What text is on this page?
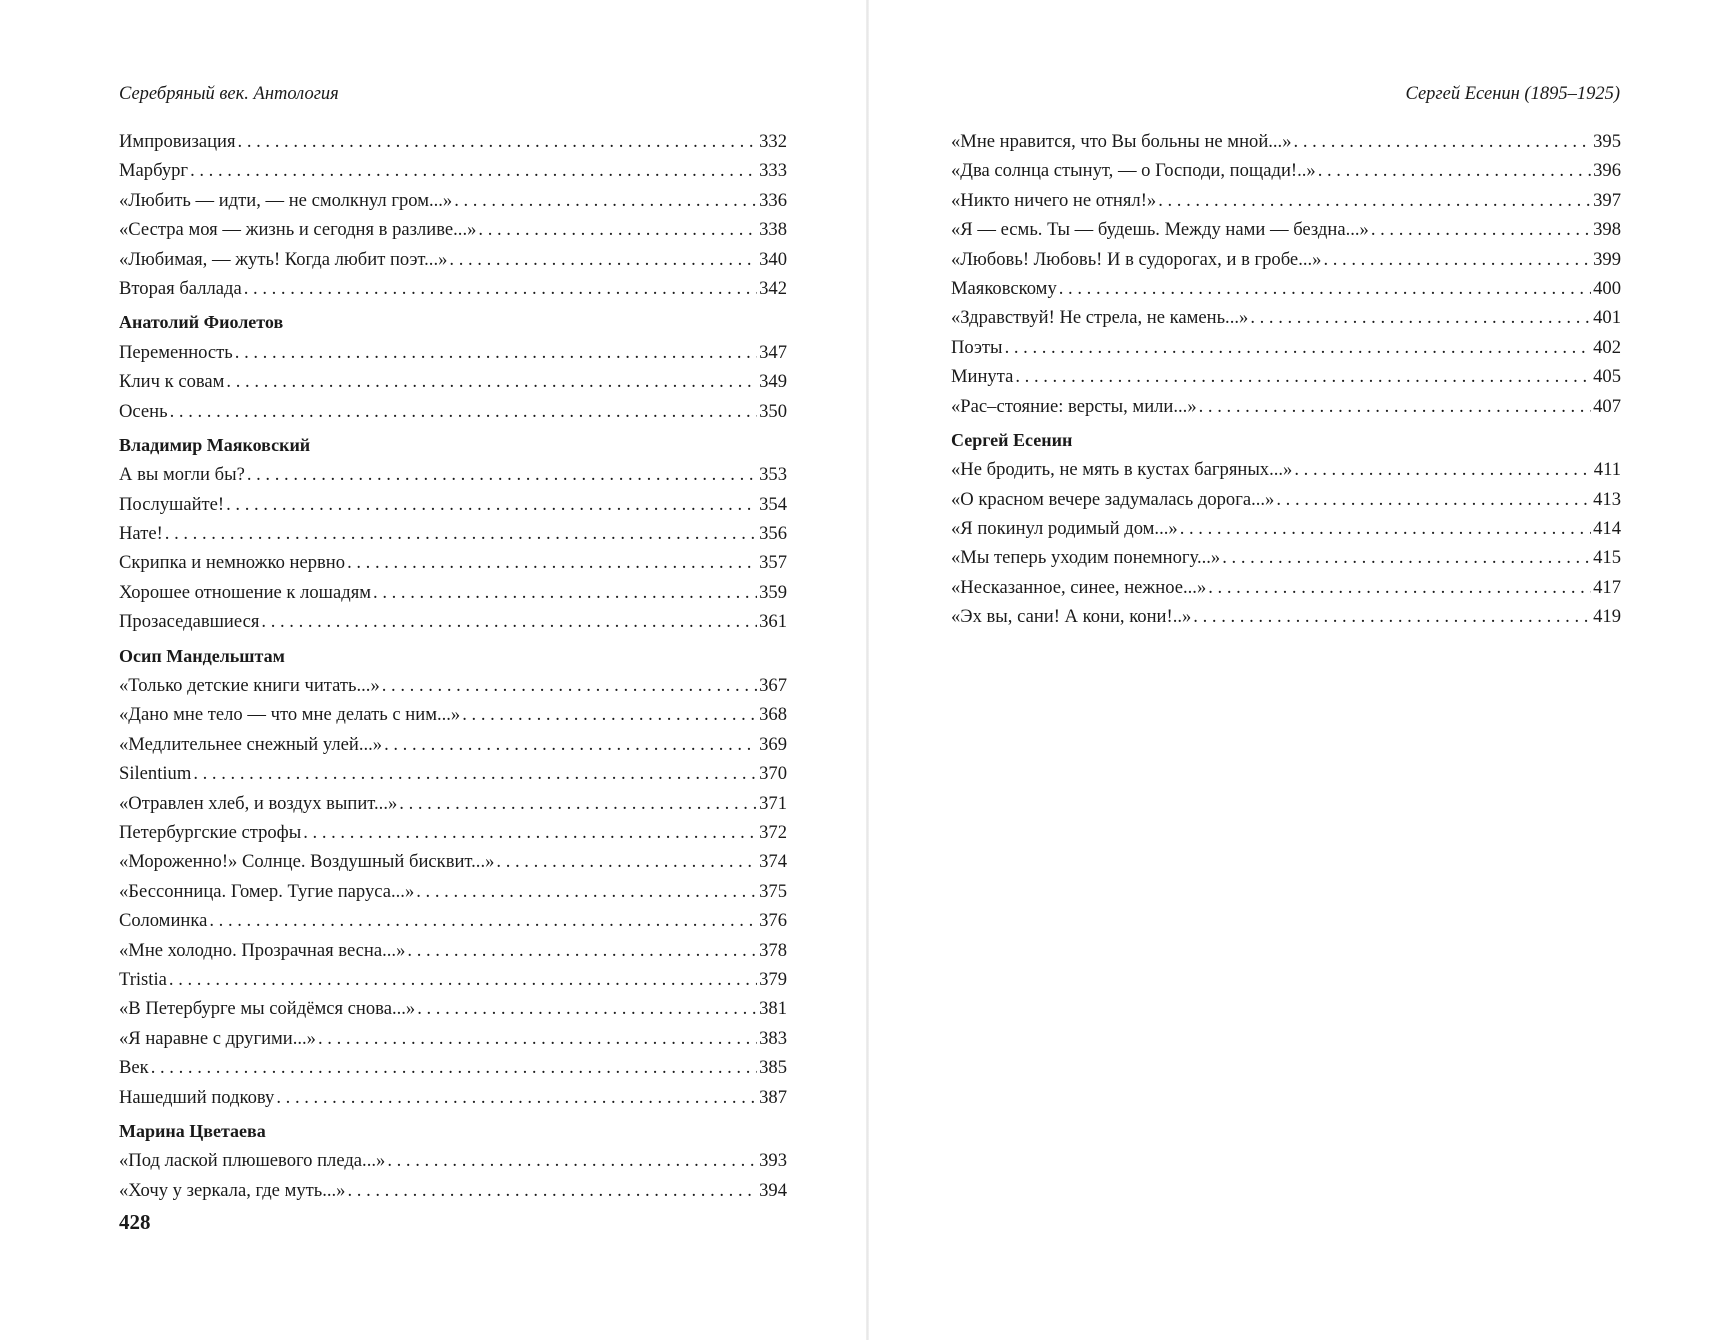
Серебряный век. Антология
Импровизация . . .	332
Марбург . . .	333
«Любить — идти, — не смолкнул гром...» . . .	336
«Сестра моя — жизнь и сегодня в разливе...» . . .	338
«Любимая, — жуть! Когда любит поэт...» . . .	340
Вторая баллада . . .	342
Анатолий Фиолетов
Переменность . . .	347
Клич к совам . . .	349
Осень . . .	350
Владимир Маяковский
А вы могли бы? . . .	353
Послушайте! . . .	354
Нате! . . .	356
Скрипка и немножко нервно . . .	357
Хорошее отношение к лошадям . . .	359
Прозаседавшиеся . . .	361
Осип Мандельштам
«Только детские книги читать...» . . .	367
«Дано мне тело — что мне делать с ним...» . . .	368
«Медлительнее снежный улей...» . . .	369
Silentium . . .	370
«Отравлен хлеб, и воздух выпит...» . . .	371
Петербургские строфы . . .	372
«Мороженно!» Солнце. Воздушный бисквит...» . . .	374
«Бессонница. Гомер. Тугие паруса...» . . .	375
Соломинка . . .	376
«Мне холодно. Прозрачная весна...» . . .	378
Tristia . . .	379
«В Петербурге мы сойдёмся снова...» . . .	381
«Я наравне с другими...» . . .	383
Век . . .	385
Нашедший подкову . . .	387
Марина Цветаева
«Под лаской плюшевого пледа...» . . .	393
«Хочу у зеркала, где муть...» . . .	394
428
Сергей Есенин (1895–1925)
«Мне нравится, что Вы больны не мной...» . . .	395
«Два солнца стынут, — о Господи, пощади!..» . . .	396
«Никто ничего не отнял!» . . .	397
«Я — есмь. Ты — будешь. Между нами — бездна...» . . .	398
«Любовь! Любовь! И в судорогах, и в гробе...» . . .	399
Маяковскому . . .	400
«Здравствуй! Не стрела, не камень...» . . .	401
Поэты . . .	402
Минута . . .	405
«Рас–стояние: версты, мили...» . . .	407
Сергей Есенин
«Не бродить, не мять в кустах багряных...» . . .	411
«О красном вечере задумалась дорога...» . . .	413
«Я покинул родимый дом...» . . .	414
«Мы теперь уходим понемногу...» . . .	415
«Несказанное, синее, нежное...» . . .	417
«Эх вы, сани! А кони, кони!..» . . .	419
